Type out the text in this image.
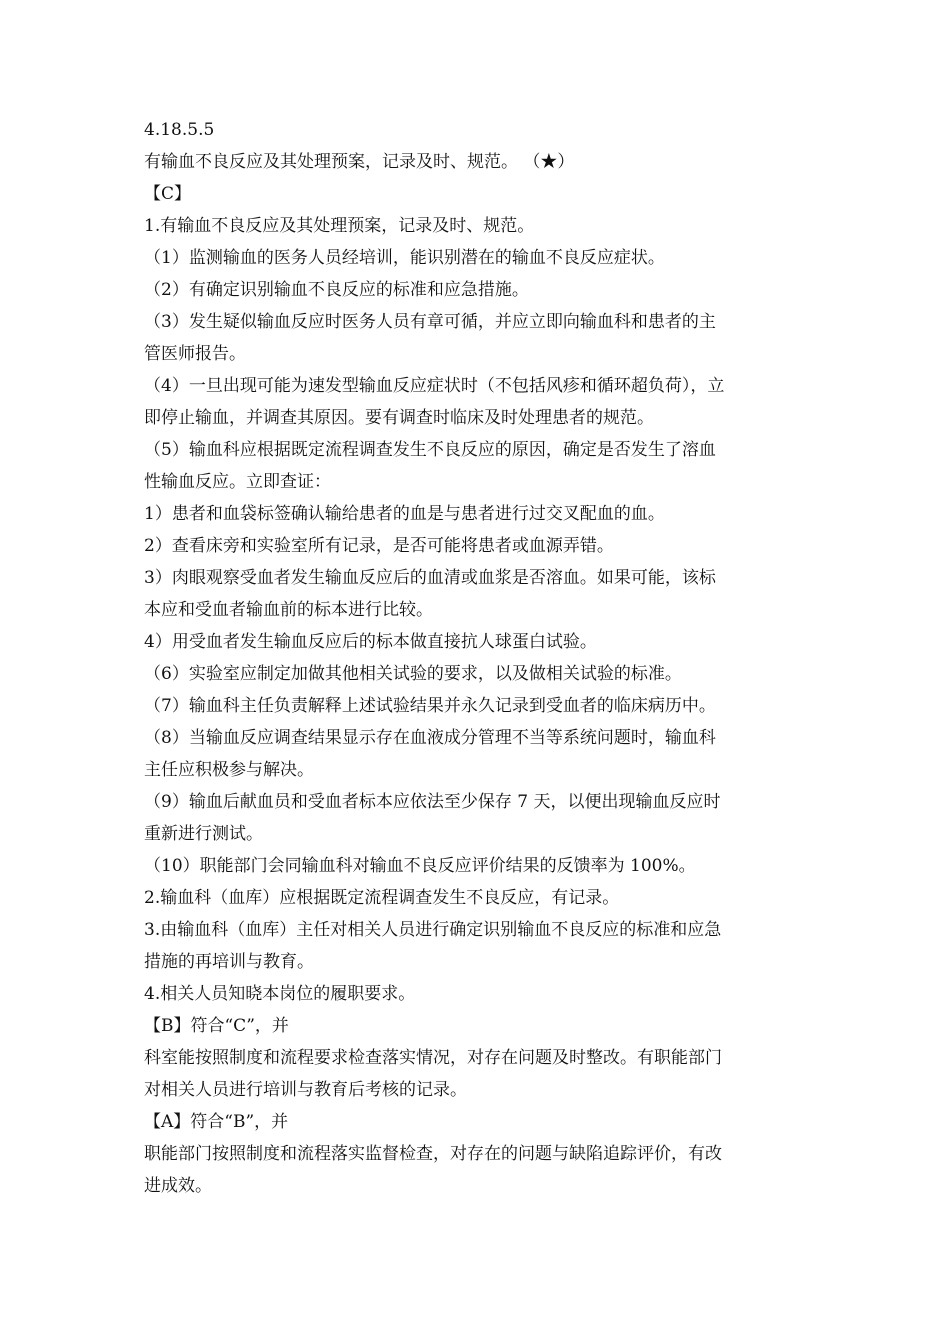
4.18.5.5
有输血不良反应及其处理预案，记录及时、规范。 （★）
【C】
1.有输血不良反应及其处理预案，记录及时、规范。
（1）监测输血的医务人员经培训，能识别潜在的输血不良反应症状。
（2）有确定识别输血不良反应的标准和应急措施。
（3）发生疑似输血反应时医务人员有章可循，并应立即向输血科和患者的主
管医师报告。
（4）一旦出现可能为速发型输血反应症状时（不包括风疹和循环超负荷），立
即停止输血，并调查其原因。要有调查时临床及时处理患者的规范。
（5）输血科应根据既定流程调查发生不良反应的原因，确定是否发生了溶血
性输血反应。立即查证：
1）患者和血袋标签确认输给患者的血是与患者进行过交叉配血的血。
2）查看床旁和实验室所有记录，是否可能将患者或血源弄错。
3）肉眼观察受血者发生输血反应后的血清或血浆是否溶血。如果可能，该标
本应和受血者输血前的标本进行比较。
4）用受血者发生输血反应后的标本做直接抗人球蛋白试验。
（6）实验室应制定加做其他相关试验的要求，以及做相关试验的标准。
（7）输血科主任负责解释上述试验结果并永久记录到受血者的临床病历中。
（8）当输血反应调查结果显示存在血液成分管理不当等系统问题时，输血科
主任应积极参与解决。
（9）输血后献血员和受血者标本应依法至少保存 7 天，以便出现输血反应时
重新进行测试。
（10）职能部门会同输血科对输血不良反应评价结果的反馈率为 100%。
2.输血科（血库）应根据既定流程调查发生不良反应，有记录。
3.由输血科（血库）主任对相关人员进行确定识别输血不良反应的标准和应急
措施的再培训与教育。
4.相关人员知晓本岗位的履职要求。
【B】符合“C”，并
科室能按照制度和流程要求检查落实情况，对存在问题及时整改。有职能部门
对相关人员进行培训与教育后考核的记录。
【A】符合“B”，并
职能部门按照制度和流程落实监督检查，对存在的问题与缺陷追踪评价，有改
进成效。
